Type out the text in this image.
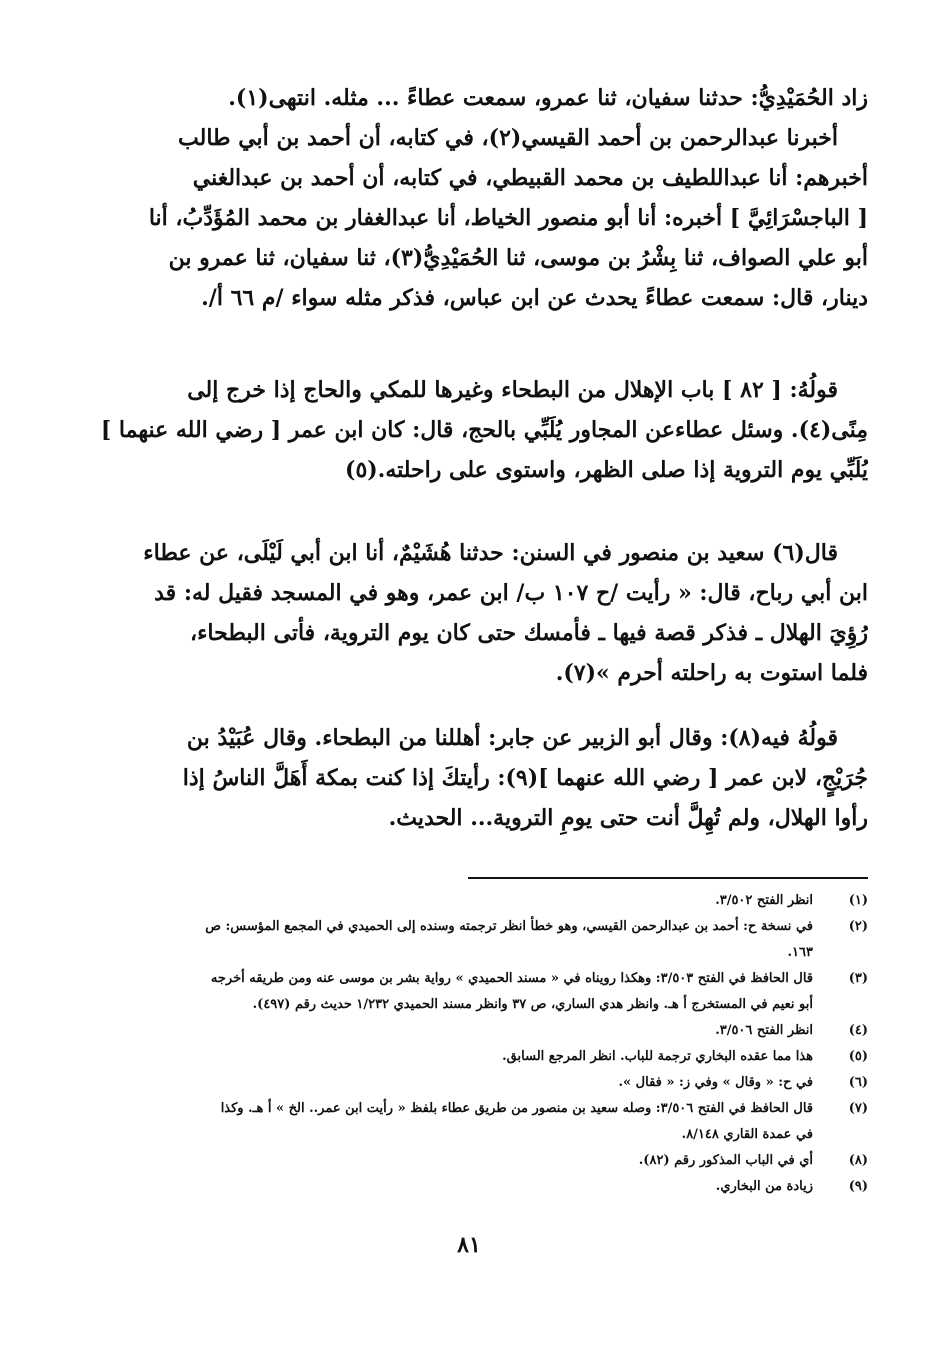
زاد الحُمَيْدِيُّ: حدثنا سفيان، ثنا عمرو، سمعت عطاءً ... مثله. انتهى(١).
أخبرنا عبدالرحمن بن أحمد القيسي(٢)، في كتابه، أن أحمد بن أبي طالب
أخبرهم: أنا عبداللطيف بن محمد القبيطي، في كتابه، أن أحمد بن عبدالغني
[ الباجسْرَائِيَّ ] أخبره: أنا أبو منصور الخياط، أنا عبدالغفار بن محمد المُؤَدِّبُ، أنا
أبو علي الصواف، ثنا بِشْرُ بن موسى، ثنا الحُمَيْدِيُّ(٣)، ثنا سفيان، ثنا عمرو بن
دينار، قال: سمعت عطاءً يحدث عن ابن عباس، فذكر مثله سواء /م ٦٦ أ/.
قولُهُ: [ ٨٢ ] باب الإهلال من البطحاء وغيرها للمكي والحاج إذا خرج إلى
مِنًى(٤). وسئل عطاءعن المجاور يُلَبِّي بالحج، قال: كان ابن عمر [ رضي الله عنهما ]
يُلَبِّي يوم التروية إذا صلى الظهر، واستوى على راحلته.(٥)
قال(٦) سعيد بن منصور في السنن: حدثنا هُشَيْمٌ، أنا ابن أبي لَيْلَى، عن عطاء
ابن أبي رباح، قال: « رأيت /ح ١٠٧ ب/ ابن عمر، وهو في المسجد فقيل له: قد
رُؤِيَ الهلال ـ فذكر قصة فيها ـ فأمسك حتى كان يوم التروية، فأتى البطحاء،
فلما استوت به راحلته أحرم »(٧).
قولُهُ فيه(٨): وقال أبو الزبير عن جابر: أهللنا من البطحاء. وقال عُبَيْدُ بن
جُرَيْجٍ، لابن عمر [ رضي الله عنهما ](٩): رأيتكَ إذا كنت بمكة أَهَلَّ الناسُ إذا
رأوا الهلال، ولم تُهِلَّ أنت حتى يومِ التروية... الحديث.
(١)
انظر الفتح ٣/٥٠٢.
(٢)
في نسخة ح: أحمد بن عبدالرحمن القيسي، وهو خطأ انظر ترجمته وسنده إلى الحميدي في المجمع المؤسس: ص
١٦٣.
(٣)
قال الحافظ في الفتح ٣/٥٠٣: وهكذا رويناه في « مسند الحميدي » رواية بشر بن موسى عنه ومن طريقه أخرجه
أبو نعيم في المستخرج أ هـ. وانظر هدي الساري، ص ٣٧ وانظر مسند الحميدي ١/٢٣٢ حديث رقم (٤٩٧).
(٤)
انظر الفتح ٣/٥٠٦.
(٥)
هذا مما عقده البخاري ترجمة للباب. انظر المرجع السابق.
(٦)
في ح: « وقال » وفي ز: « فقال ».
(٧)
قال الحافظ في الفتح ٣/٥٠٦: وصله سعيد بن منصور من طريق عطاء بلفظ « رأيت ابن عمر.. الخ » أ هـ. وكذا
في عمدة القاري ٨/١٤٨.
(٨)
أي في الباب المذكور رقم (٨٢).
(٩)
زيادة من البخاري.
٨١
